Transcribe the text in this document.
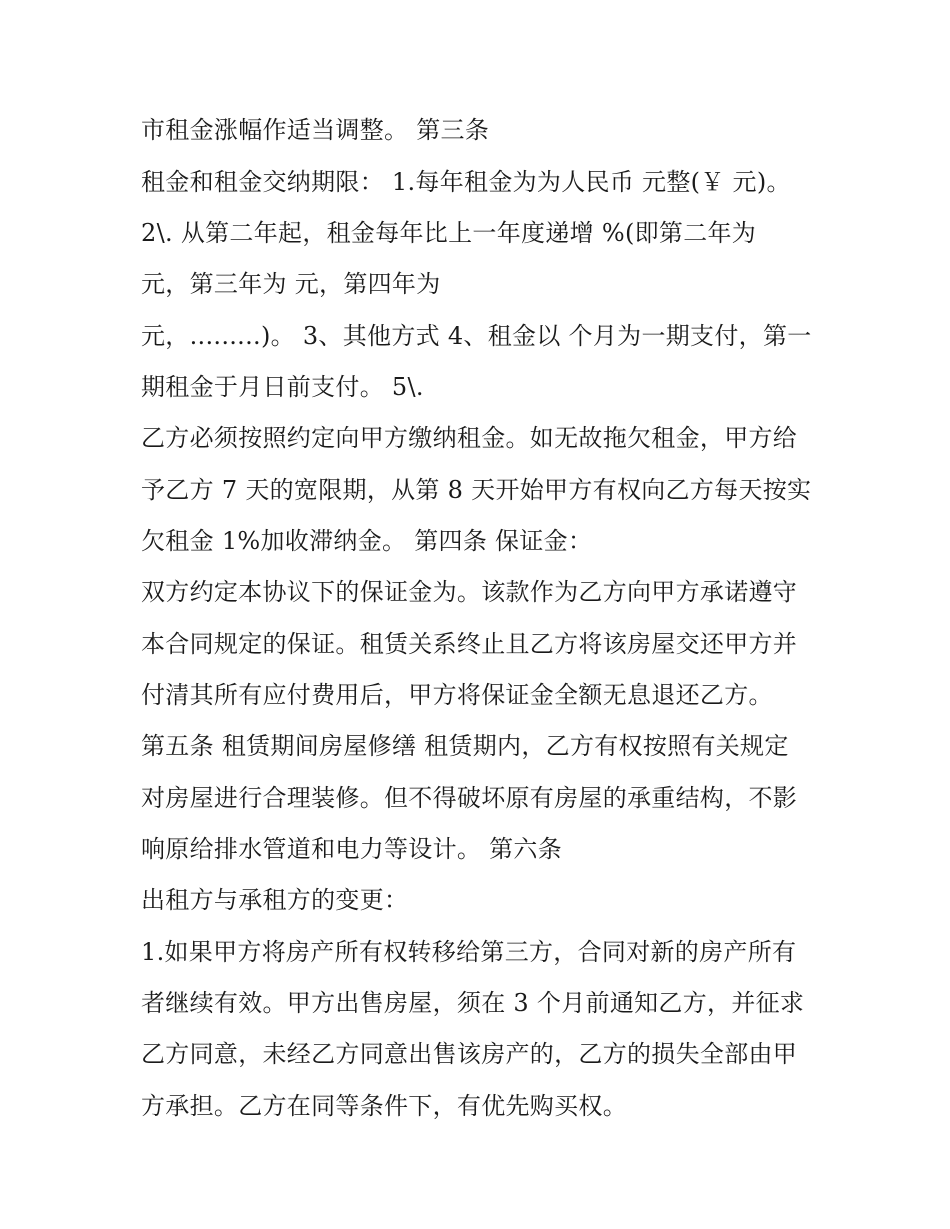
市租金涨幅作适当调整。 第三条

租金和租金交纳期限： 1.每年租金为为人民币 元整(￥ 元)。

2\. 从第二年起，租金每年比上一年度递增 %(即第二年为

元，第三年为 元，第四年为

元，.........)。 3、其他方式 4、租金以 个月为一期支付，第一

期租金于月日前支付。 5\.

乙方必须按照约定向甲方缴纳租金。如无故拖欠租金，甲方给

予乙方 7 天的宽限期，从第 8 天开始甲方有权向乙方每天按实

欠租金 1%加收滞纳金。 第四条 保证金：

双方约定本协议下的保证金为。该款作为乙方向甲方承诺遵守

本合同规定的保证。租赁关系终止且乙方将该房屋交还甲方并

付清其所有应付费用后，甲方将保证金全额无息退还乙方。

第五条 租赁期间房屋修缮 租赁期内，乙方有权按照有关规定

对房屋进行合理装修。但不得破坏原有房屋的承重结构，不影

响原给排水管道和电力等设计。 第六条

出租方与承租方的变更：

1.如果甲方将房产所有权转移给第三方，合同对新的房产所有

者继续有效。甲方出售房屋，须在 3 个月前通知乙方，并征求

乙方同意，未经乙方同意出售该房产的，乙方的损失全部由甲

方承担。乙方在同等条件下，有优先购买权。
